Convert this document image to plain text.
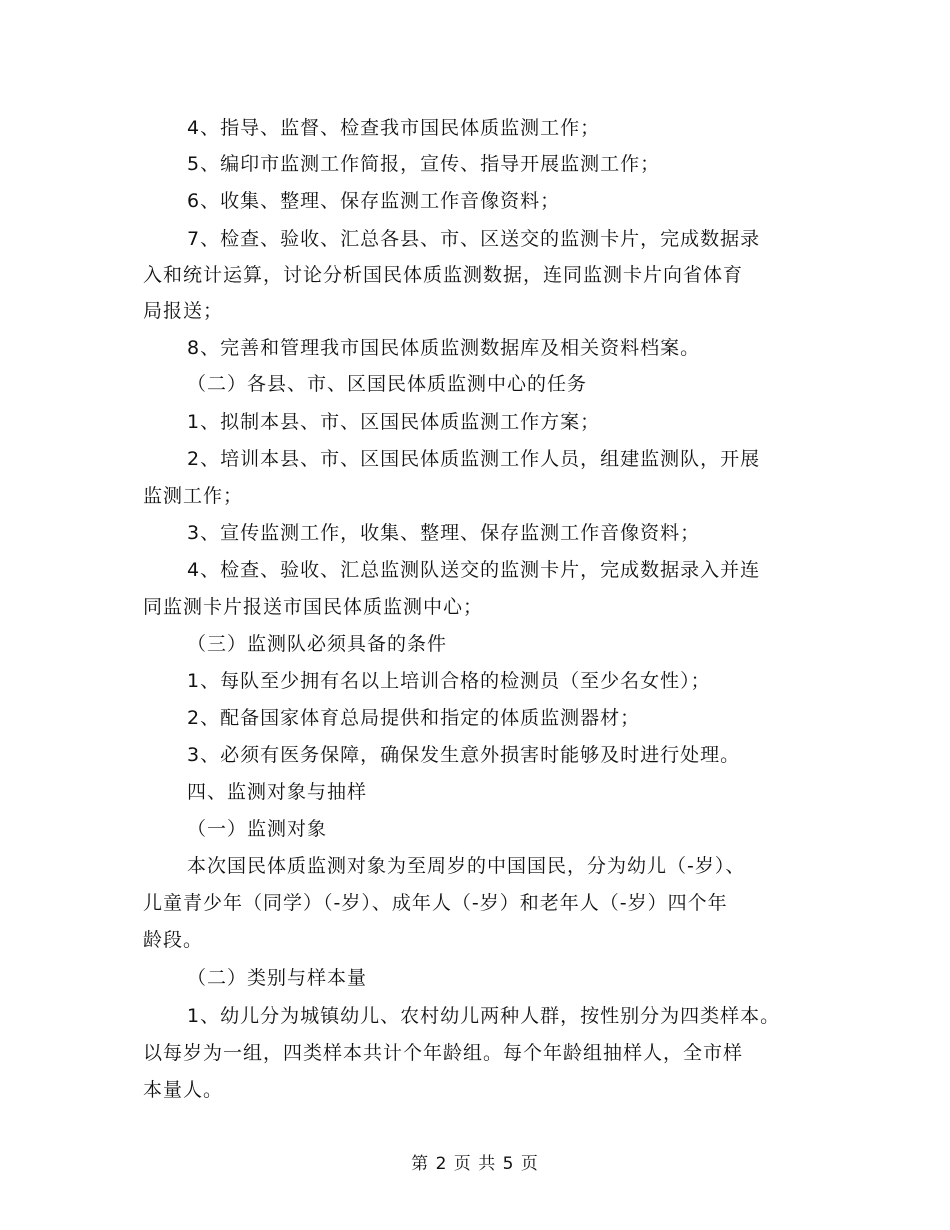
4、指导、监督、检查我市国民体质监测工作；
5、编印市监测工作简报，宣传、指导开展监测工作；
6、收集、整理、保存监测工作音像资料；
7、检查、验收、汇总各县、市、区送交的监测卡片，完成数据录
入和统计运算，讨论分析国民体质监测数据，连同监测卡片向省体育
局报送；
8、完善和管理我市国民体质监测数据库及相关资料档案。
（二）各县、市、区国民体质监测中心的任务
1、拟制本县、市、区国民体质监测工作方案；
2、培训本县、市、区国民体质监测工作人员，组建监测队，开展
监测工作；
3、宣传监测工作，收集、整理、保存监测工作音像资料；
4、检查、验收、汇总监测队送交的监测卡片，完成数据录入并连
同监测卡片报送市国民体质监测中心；
（三）监测队必须具备的条件
1、每队至少拥有名以上培训合格的检测员（至少名女性）；
2、配备国家体育总局提供和指定的体质监测器材；
3、必须有医务保障，确保发生意外损害时能够及时进行处理。
四、监测对象与抽样
（一）监测对象
本次国民体质监测对象为至周岁的中国国民，分为幼儿（-岁）、
儿童青少年（同学）（-岁）、成年人（-岁）和老年人（-岁）四个年
龄段。
（二）类别与样本量
1、幼儿分为城镇幼儿、农村幼儿两种人群，按性别分为四类样本。
以每岁为一组，四类样本共计个年龄组。每个年龄组抽样人，全市样
本量人。
第 2 页 共 5 页
